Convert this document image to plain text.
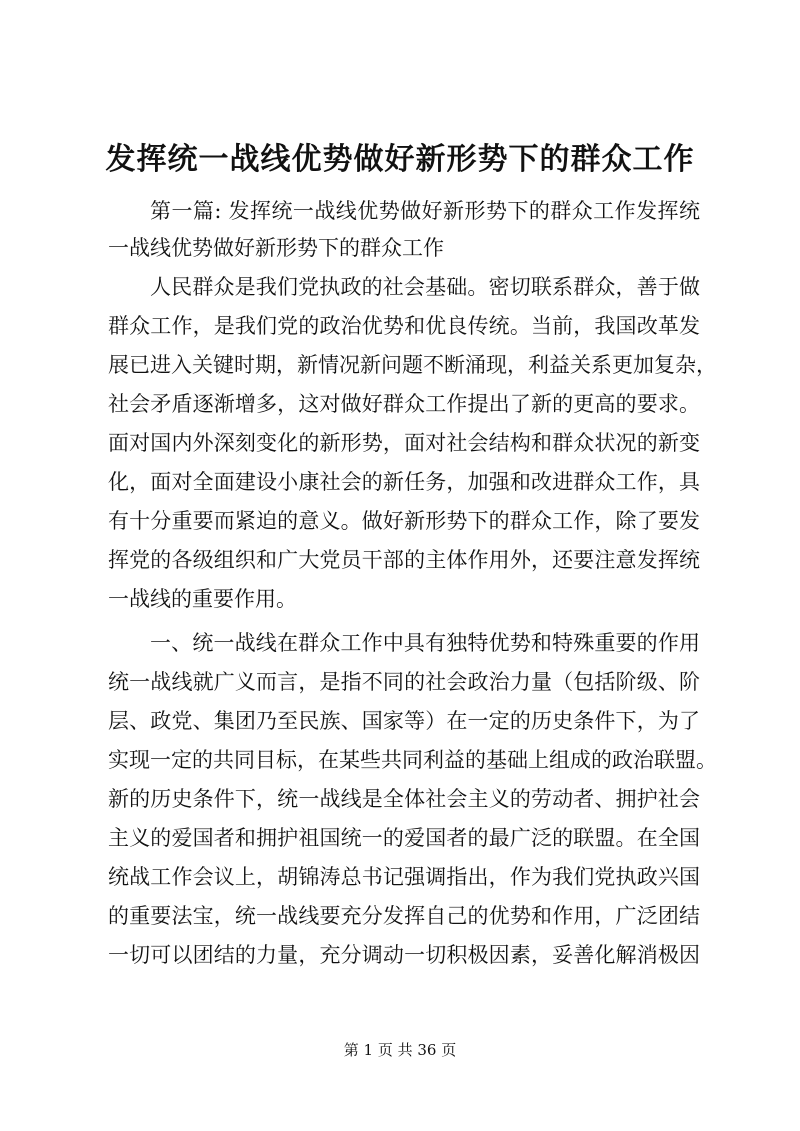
发挥统一战线优势做好新形势下的群众工作

第一篇: 发挥统一战线优势做好新形势下的群众工作发挥统

一战线优势做好新形势下的群众工作

人民群众是我们党执政的社会基础。密切联系群众，善于做

群众工作，是我们党的政治优势和优良传统。当前，我国改革发

展已进入关键时期，新情况新问题不断涌现，利益关系更加复杂，

社会矛盾逐渐增多，这对做好群众工作提出了新的更高的要求。

面对国内外深刻变化的新形势，面对社会结构和群众状况的新变

化，面对全面建设小康社会的新任务，加强和改进群众工作，具

有十分重要而紧迫的意义。做好新形势下的群众工作，除了要发

挥党的各级组织和广大党员干部的主体作用外，还要注意发挥统

一战线的重要作用。

一、统一战线在群众工作中具有独特优势和特殊重要的作用

统一战线就广义而言，是指不同的社会政治力量（包括阶级、阶

层、政党、集团乃至民族、国家等）在一定的历史条件下，为了

实现一定的共同目标，在某些共同利益的基础上组成的政治联盟。

新的历史条件下，统一战线是全体社会主义的劳动者、拥护社会

主义的爱国者和拥护祖国统一的爱国者的最广泛的联盟。在全国

统战工作会议上，胡锦涛总书记强调指出，作为我们党执政兴国

的重要法宝，统一战线要充分发挥自己的优势和作用，广泛团结

一切可以团结的力量，充分调动一切积极因素，妥善化解消极因

第 1 页 共 36 页
